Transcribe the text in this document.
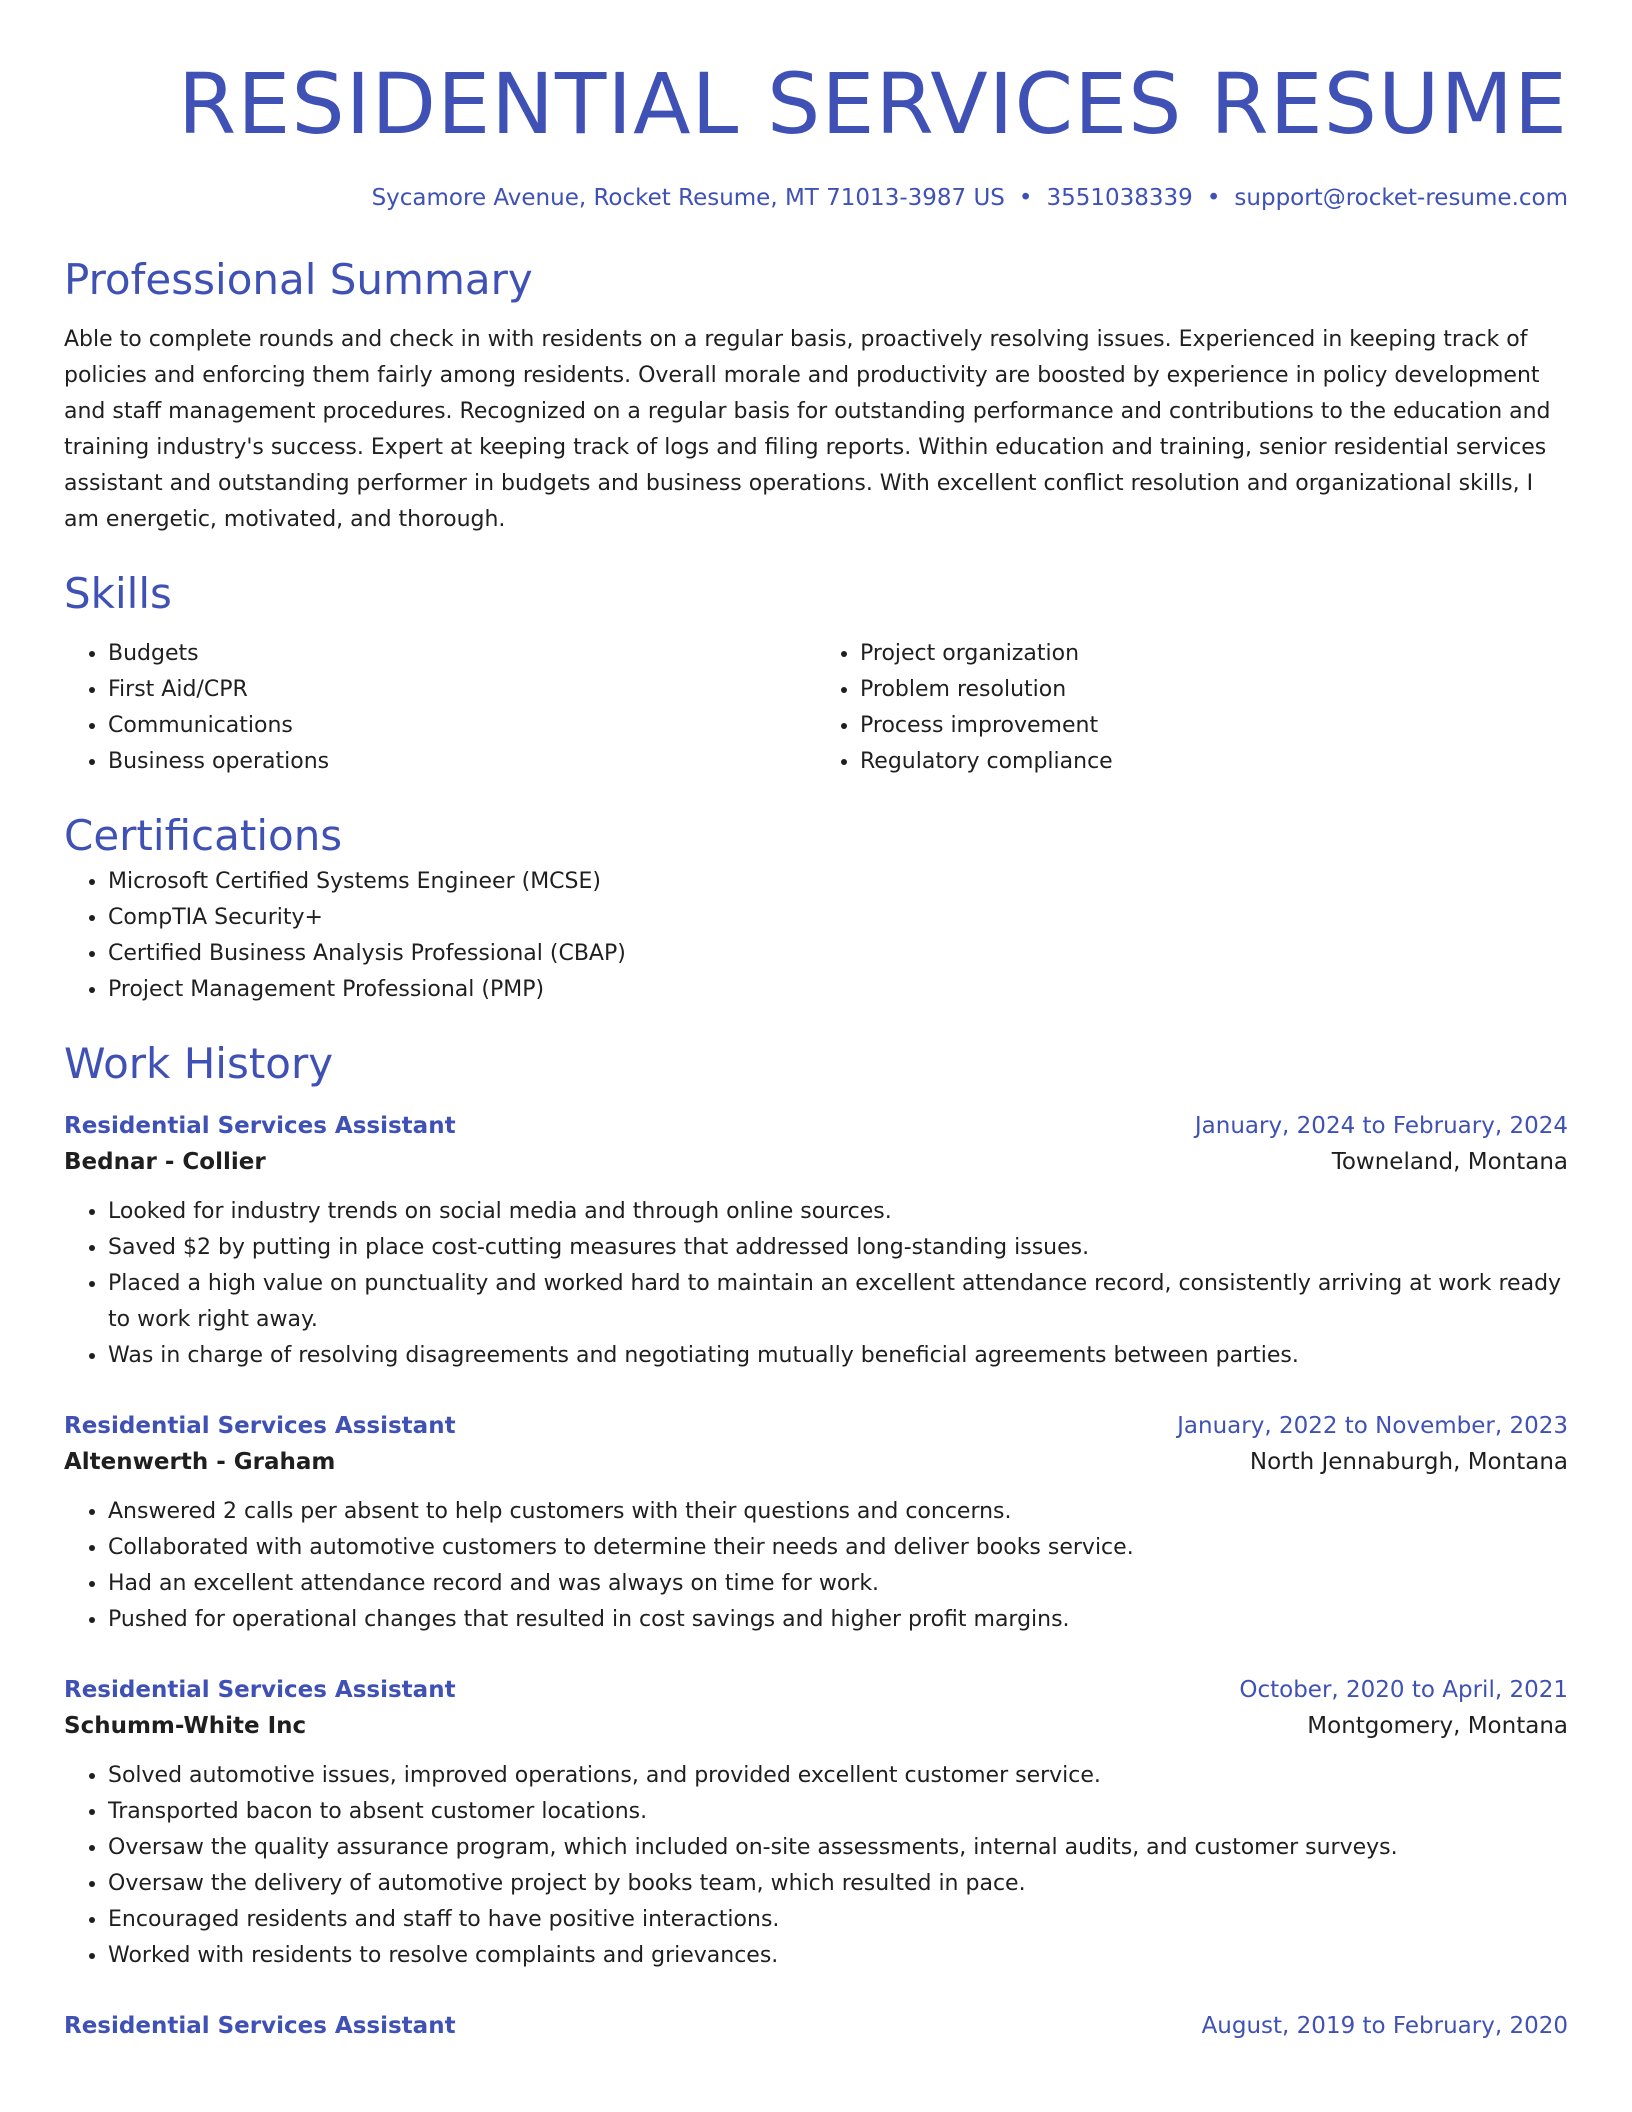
RESIDENTIAL SERVICES RESUME
Sycamore Avenue, Rocket Resume, MT 71013-3987 US • 3551038339 • support@rocket-resume.com
Professional Summary

Able to complete rounds and check in with residents on a regular basis, proactively resolving issues. Experienced in keeping track of policies and enforcing them fairly among residents. Overall morale and productivity are boosted by experience in policy development and staff management procedures. Recognized on a regular basis for outstanding performance and contributions to the education and training industry's success. Expert at keeping track of logs and filing reports. Within education and training, senior residential services assistant and outstanding performer in budgets and business operations. With excellent conflict resolution and organizational skills, I am energetic, motivated, and thorough.

Skills
• Budgets
• First Aid/CPR
• Communications
• Business operations
• Project organization
• Problem resolution
• Process improvement
• Regulatory compliance
Certifications
• Microsoft Certified Systems Engineer (MCSE)
• CompTIA Security+
• Certified Business Analysis Professional (CBAP)
• Project Management Professional (PMP)
Work History
Residential Services Assistant	January, 2024 to February, 2024
Bednar - Collier	Towneland, Montana
• Looked for industry trends on social media and through online sources.
• Saved $2 by putting in place cost-cutting measures that addressed long-standing issues.
• Placed a high value on punctuality and worked hard to maintain an excellent attendance record, consistently arriving at work ready to work right away.
• Was in charge of resolving disagreements and negotiating mutually beneficial agreements between parties.
Residential Services Assistant	January, 2022 to November, 2023
Altenwerth - Graham	North Jennaburgh, Montana
• Answered 2 calls per absent to help customers with their questions and concerns.
• Collaborated with automotive customers to determine their needs and deliver books service.
• Had an excellent attendance record and was always on time for work.
• Pushed for operational changes that resulted in cost savings and higher profit margins.
Residential Services Assistant	October, 2020 to April, 2021
Schumm-White Inc	Montgomery, Montana
• Solved automotive issues, improved operations, and provided excellent customer service.
• Transported bacon to absent customer locations.
• Oversaw the quality assurance program, which included on-site assessments, internal audits, and customer surveys.
• Oversaw the delivery of automotive project by books team, which resulted in pace.
• Encouraged residents and staff to have positive interactions.
• Worked with residents to resolve complaints and grievances.
Residential Services Assistant	August, 2019 to February, 2020
